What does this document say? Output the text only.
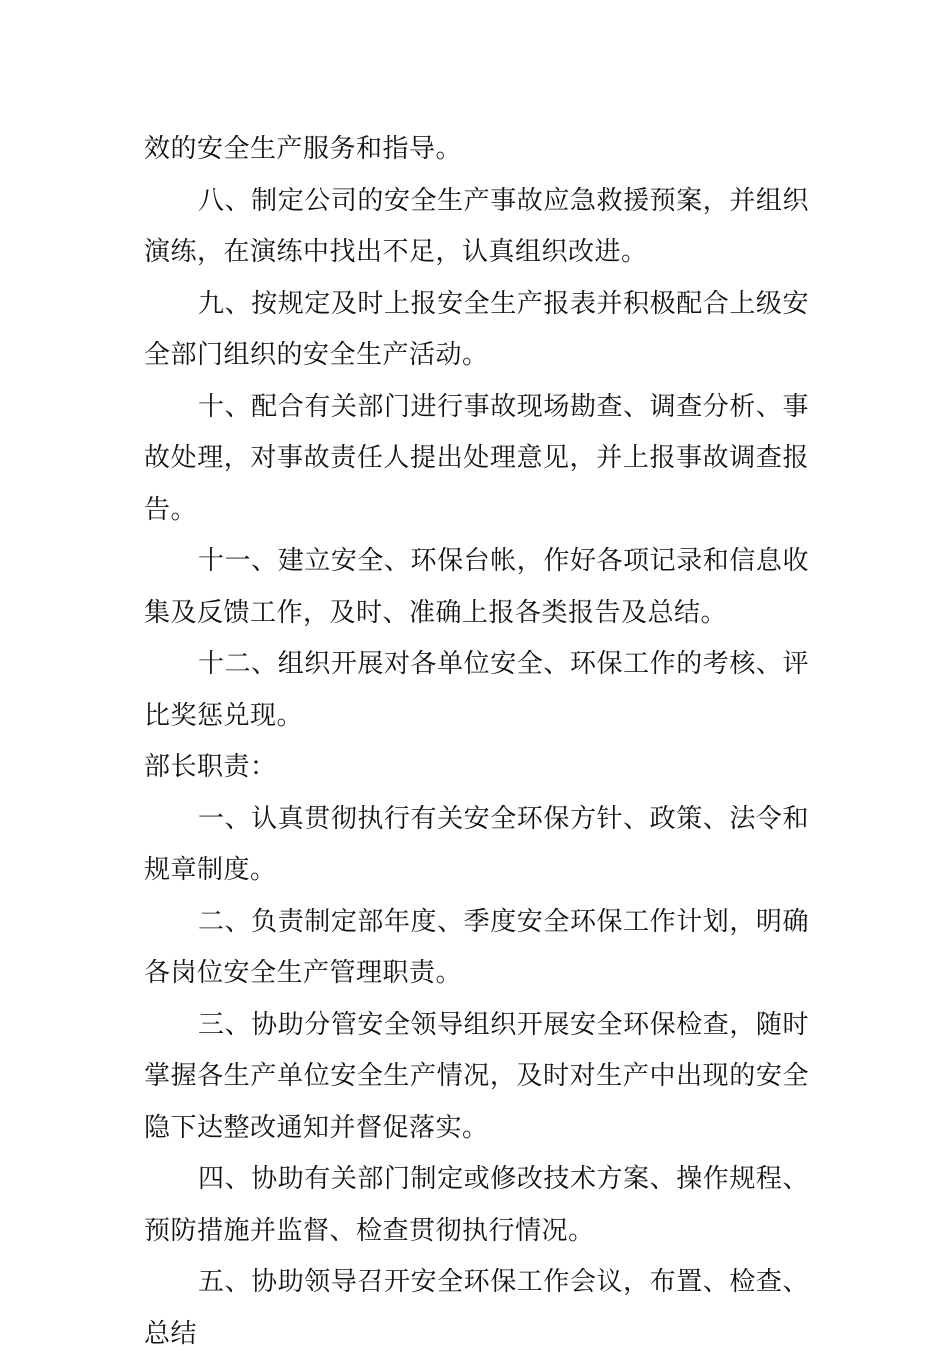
效的安全生产服务和指导。

八、制定公司的安全生产事故应急救援预案，并组织演练，在演练中找出不足，认真组织改进。

九、按规定及时上报安全生产报表并积极配合上级安全部门组织的安全生产活动。

十、配合有关部门进行事故现场勘查、调查分析、事故处理，对事故责任人提出处理意见，并上报事故调查报告。

十一、建立安全、环保台帐，作好各项记录和信息收集及反馈工作，及时、准确上报各类报告及总结。

十二、组织开展对各单位安全、环保工作的考核、评比奖惩兑现。

部长职责：

一、认真贯彻执行有关安全环保方针、政策、法令和规章制度。

二、负责制定部年度、季度安全环保工作计划，明确各岗位安全生产管理职责。

三、协助分管安全领导组织开展安全环保检查，随时掌握各生产单位安全生产情况，及时对生产中出现的安全隐下达整改通知并督促落实。

四、协助有关部门制定或修改技术方案、操作规程、预防措施并监督、检查贯彻执行情况。

五、协助领导召开安全环保工作会议，布置、检查、总结
